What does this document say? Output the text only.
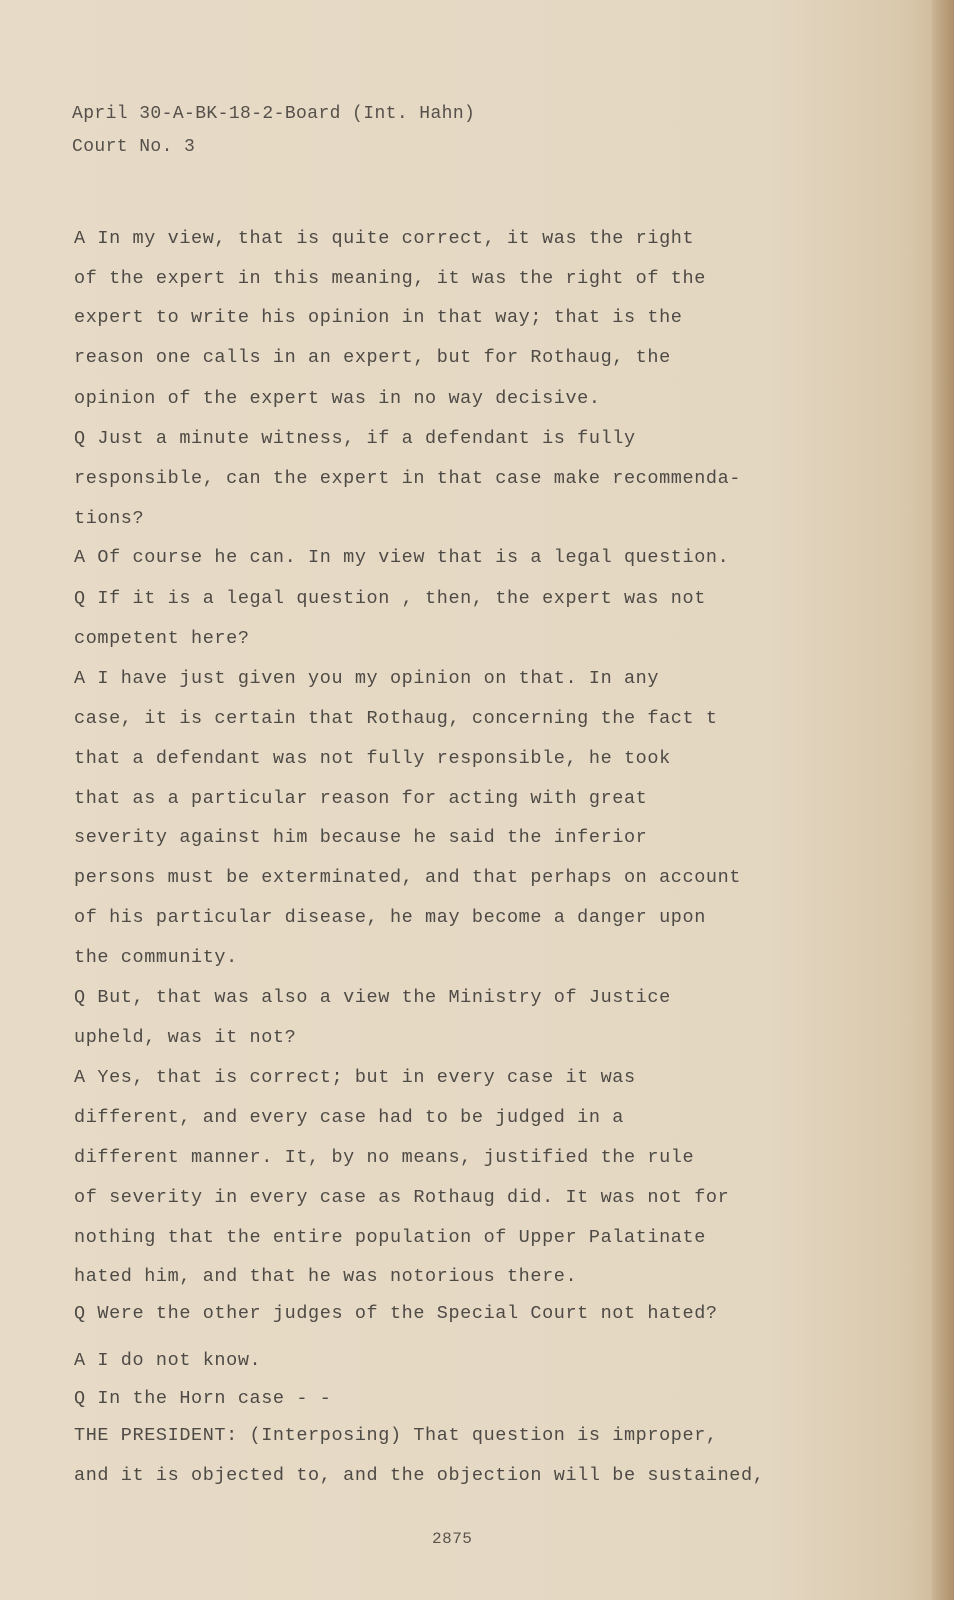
April 30-A-BK-18-2-Board (Int. Hahn)
Court No. 3
A In my view, that is quite correct, it was the right
of the expert in this meaning, it was the right of the
expert to write his opinion in that way; that is the
reason one calls in an expert, but for Rothaug, the
opinion of the expert was in no way decisive.
Q Just a minute witness, if a defendant is fully
responsible, can the expert in that case make recommenda-
tions?
A Of course he can. In my view that is a legal question.
Q If it is a legal question , then, the expert was not
competent here?
A I have just given you my opinion on that. In any
case, it is certain that Rothaug, concerning the fact t
that a defendant was not fully responsible, he took
that as a particular reason for acting with great
severity against him because he said the inferior
persons must be exterminated, and that perhaps on account
of his particular disease, he may become a danger upon
the community.
Q But, that was also a view the Ministry of Justice
upheld, was it not?
A Yes, that is correct; but in every case it was
different, and every case had to be judged in a
different manner. It, by no means, justified the rule
of severity in every case as Rothaug did. It was not for
nothing that the entire population of Upper Palatinate
hated him, and that he was notorious there.
Q Were the other judges of the Special Court not hated?
A I do not know.
Q In the Horn case - -
THE PRESIDENT: (Interposing) That question is improper,
and it is objected to, and the objection will be sustained,
2875
